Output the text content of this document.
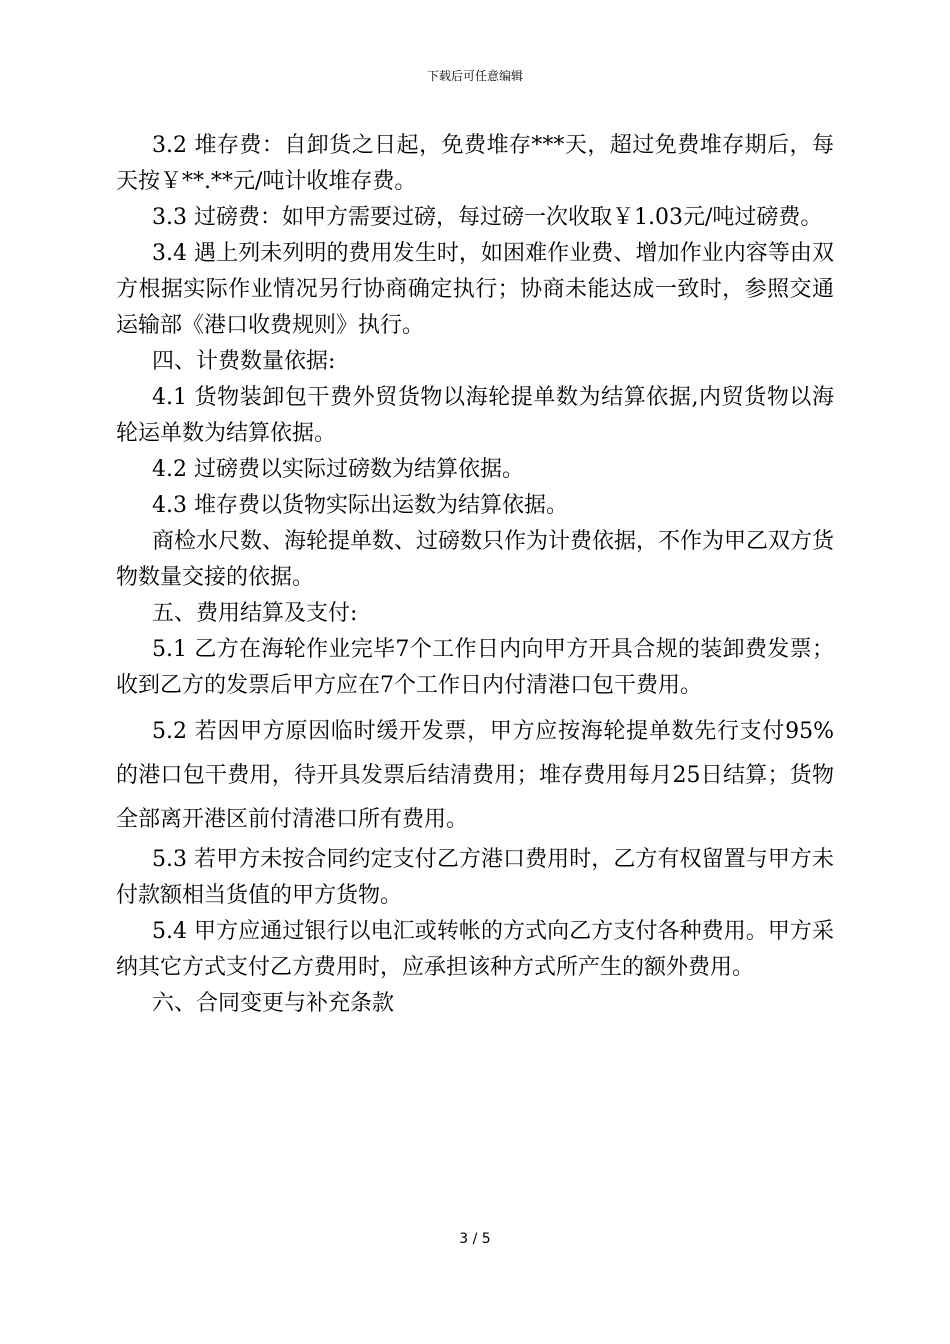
下载后可任意编辑

3.2 堆存费：自卸货之日起，免费堆存***天，超过免费堆存期后，每天按￥**.**元/吨计收堆存费。

3.3 过磅费：如甲方需要过磅，每过磅一次收取￥1.03元/吨过磅费。

3.4 遇上列未列明的费用发生时，如困难作业费、增加作业内容等由双方根据实际作业情况另行协商确定执行；协商未能达成一致时，参照交通运输部《港口收费规则》执行。

四、计费数量依据:

4.1 货物装卸包干费外贸货物以海轮提单数为结算依据,内贸货物以海轮运单数为结算依据。

4.2 过磅费以实际过磅数为结算依据。

4.3 堆存费以货物实际出运数为结算依据。

商检水尺数、海轮提单数、过磅数只作为计费依据，不作为甲乙双方货物数量交接的依据。

五、费用结算及支付:

5.1 乙方在海轮作业完毕7个工作日内向甲方开具合规的装卸费发票；收到乙方的发票后甲方应在7个工作日内付清港口包干费用。

5.2 若因甲方原因临时缓开发票，甲方应按海轮提单数先行支付95%的港口包干费用，待开具发票后结清费用；堆存费用每月25日结算；货物全部离开港区前付清港口所有费用。

5.3 若甲方未按合同约定支付乙方港口费用时，乙方有权留置与甲方未付款额相当货值的甲方货物。

5.4 甲方应通过银行以电汇或转帐的方式向乙方支付各种费用。甲方采纳其它方式支付乙方费用时，应承担该种方式所产生的额外费用。

六、合同变更与补充条款

3 / 5
